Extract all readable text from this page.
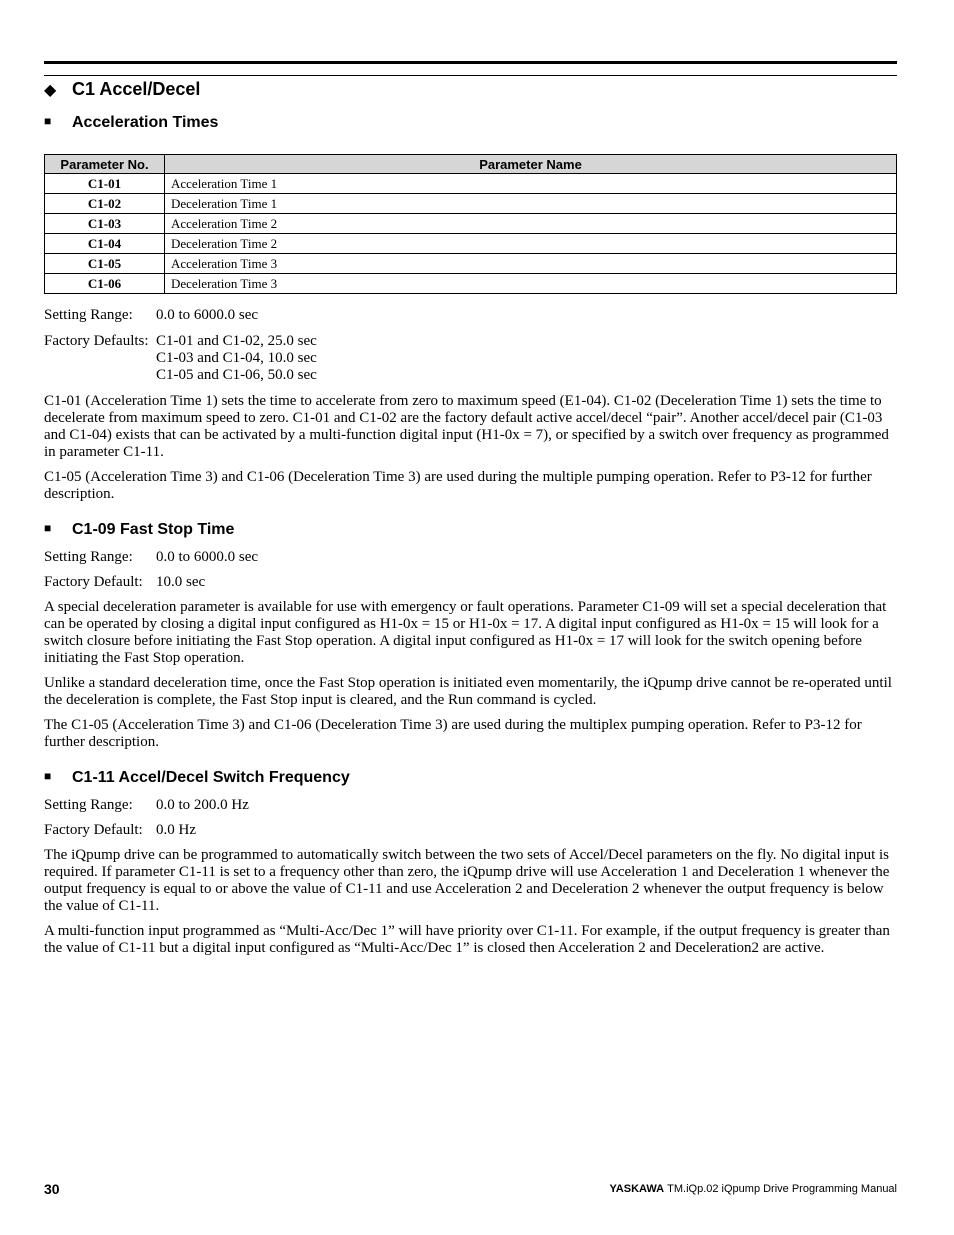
◆ C1 Accel/Decel
■ Acceleration Times
Parameter No.	Parameter Name
C1-01	Acceleration Time 1
C1-02	Deceleration Time 1
C1-03	Acceleration Time 2
C1-04	Deceleration Time 2
C1-05	Acceleration Time 3
C1-06	Deceleration Time 3
Setting Range: 0.0 to 6000.0 sec
Factory Defaults: C1-01 and C1-02, 25.0 sec
C1-03 and C1-04, 10.0 sec
C1-05 and C1-06, 50.0 sec
C1-01 (Acceleration Time 1) sets the time to accelerate from zero to maximum speed (E1-04). C1-02 (Deceleration Time 1) sets the time to decelerate from maximum speed to zero. C1-01 and C1-02 are the factory default active accel/decel “pair”. Another accel/decel pair (C1-03 and C1-04) exists that can be activated by a multi-function digital input (H1-0x = 7), or specified by a switch over frequency as programmed in parameter C1-11.
C1-05 (Acceleration Time 3) and C1-06 (Deceleration Time 3) are used during the multiple pumping operation. Refer to P3-12 for further description.
■ C1-09 Fast Stop Time
Setting Range: 0.0 to 6000.0 sec
Factory Default: 10.0 sec
A special deceleration parameter is available for use with emergency or fault operations. Parameter C1-09 will set a special deceleration that can be operated by closing a digital input configured as H1-0x = 15 or H1-0x = 17. A digital input configured as H1-0x = 15 will look for a switch closure before initiating the Fast Stop operation. A digital input configured as H1-0x = 17 will look for the switch opening before initiating the Fast Stop operation.
Unlike a standard deceleration time, once the Fast Stop operation is initiated even momentarily, the iQpump drive cannot be re-operated until the deceleration is complete, the Fast Stop input is cleared, and the Run command is cycled.
The C1-05 (Acceleration Time 3) and C1-06 (Deceleration Time 3) are used during the multiplex pumping operation. Refer to P3-12 for further description.
■ C1-11 Accel/Decel Switch Frequency
Setting Range: 0.0 to 200.0 Hz
Factory Default: 0.0 Hz
The iQpump drive can be programmed to automatically switch between the two sets of Accel/Decel parameters on the fly. No digital input is required. If parameter C1-11 is set to a frequency other than zero, the iQpump drive will use Acceleration 1 and Deceleration 1 whenever the output frequency is equal to or above the value of C1-11 and use Acceleration 2 and Deceleration 2 whenever the output frequency is below the value of C1-11.
A multi-function input programmed as “Multi-Acc/Dec 1” will have priority over C1-11. For example, if the output frequency is greater than the value of C1-11 but a digital input configured as “Multi-Acc/Dec 1” is closed then Acceleration 2 and Deceleration2 are active.
30	YASKAWA TM.iQp.02 iQpump Drive Programming Manual
